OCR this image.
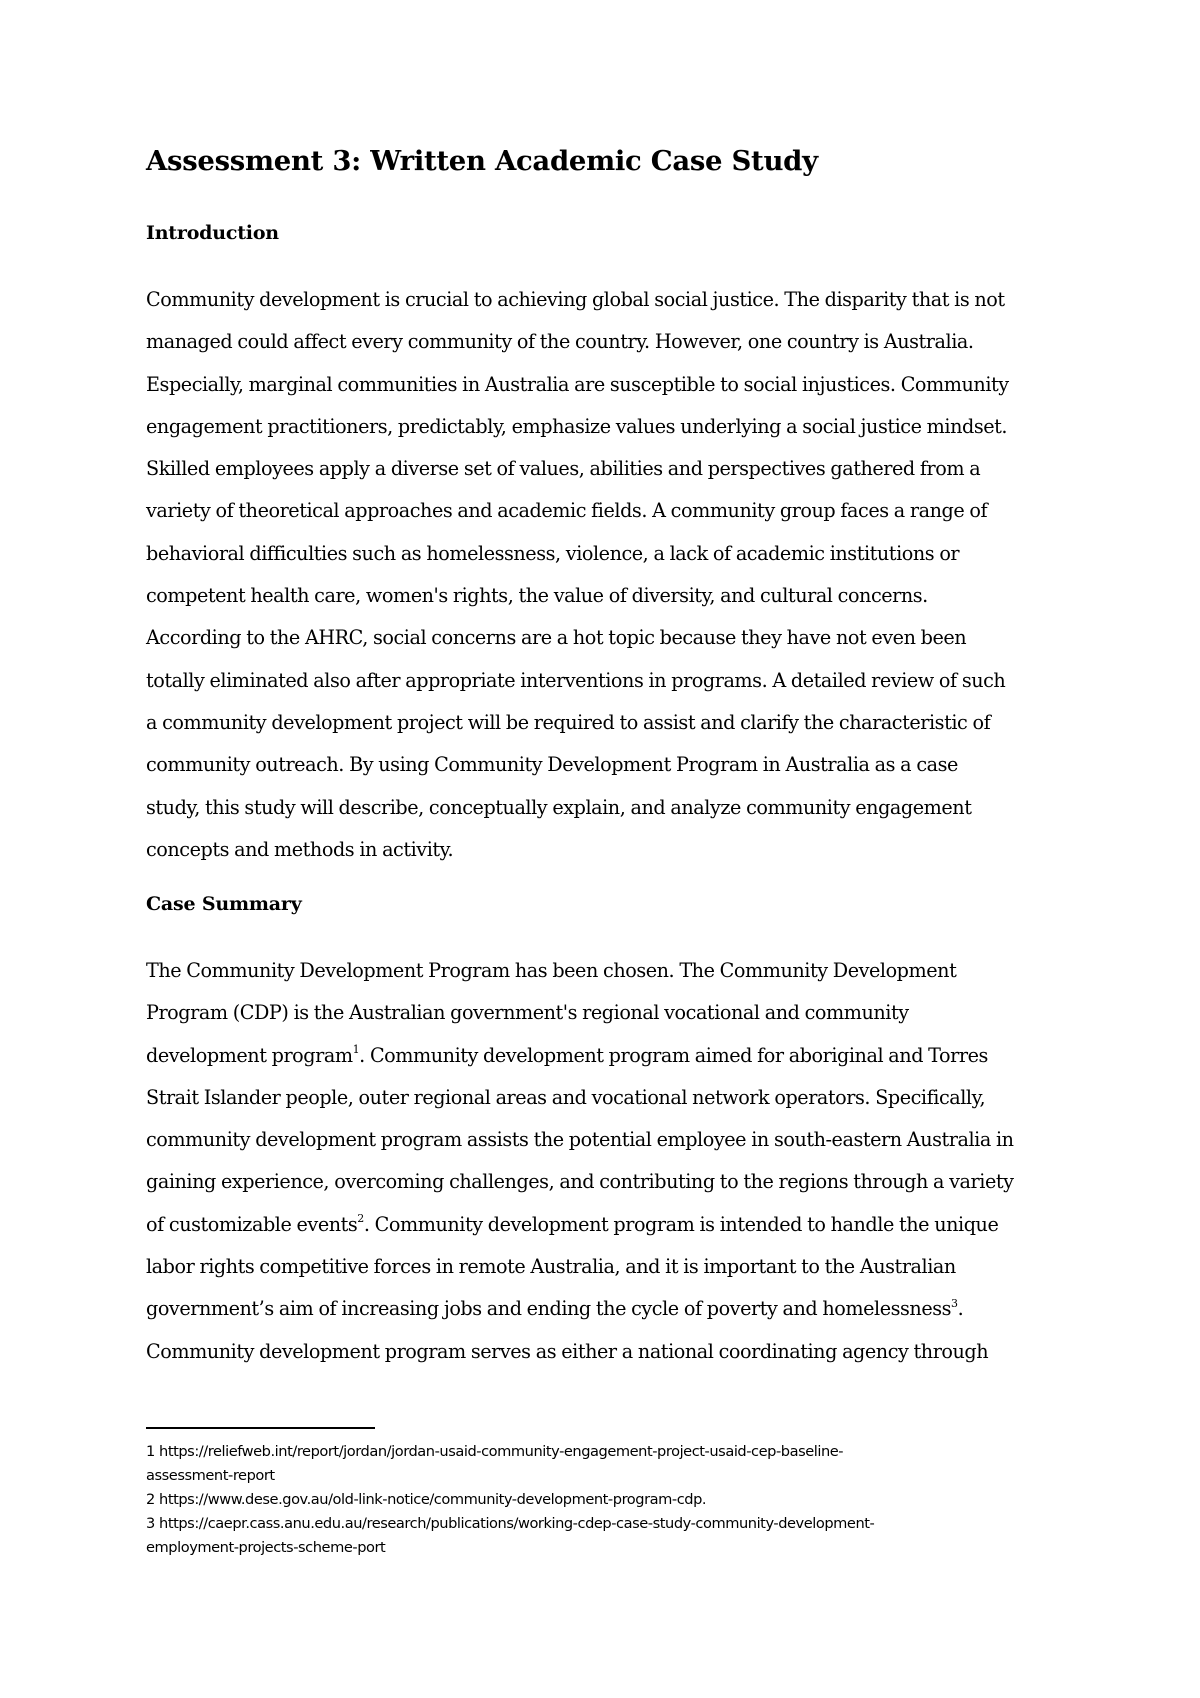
Assessment 3: Written Academic Case Study
Introduction
Community development is crucial to achieving global social justice. The disparity that is not
managed could affect every community of the country. However, one country is Australia.
Especially, marginal communities in Australia are susceptible to social injustices. Community
engagement practitioners, predictably, emphasize values underlying a social justice mindset.
Skilled employees apply a diverse set of values, abilities and perspectives gathered from a
variety of theoretical approaches and academic fields. A community group faces a range of
behavioral difficulties such as homelessness, violence, a lack of academic institutions or
competent health care, women's rights, the value of diversity, and cultural concerns.
According to the AHRC, social concerns are a hot topic because they have not even been
totally eliminated also after appropriate interventions in programs. A detailed review of such
a community development project will be required to assist and clarify the characteristic of
community outreach. By using Community Development Program in Australia as a case
study, this study will describe, conceptually explain, and analyze community engagement
concepts and methods in activity.
Case Summary
The Community Development Program has been chosen. The Community Development
Program (CDP) is the Australian government's regional vocational and community
development program$^1$. Community development program aimed for aboriginal and Torres
Strait Islander people, outer regional areas and vocational network operators. Specifically,
community development program assists the potential employee in south-eastern Australia in
gaining experience, overcoming challenges, and contributing to the regions through a variety
of customizable events$^2$. Community development program is intended to handle the unique
labor rights competitive forces in remote Australia, and it is important to the Australian
government’s aim of increasing jobs and ending the cycle of poverty and homelessness$^3$.
Community development program serves as either a national coordinating agency through
1 https://reliefweb.int/report/jordan/jordan-usaid-community-engagement-project-usaid-cep-baseline-
assessment-report
2 https://www.dese.gov.au/old-link-notice/community-development-program-cdp.
3 https://caepr.cass.anu.edu.au/research/publications/working-cdep-case-study-community-development-
employment-projects-scheme-port
